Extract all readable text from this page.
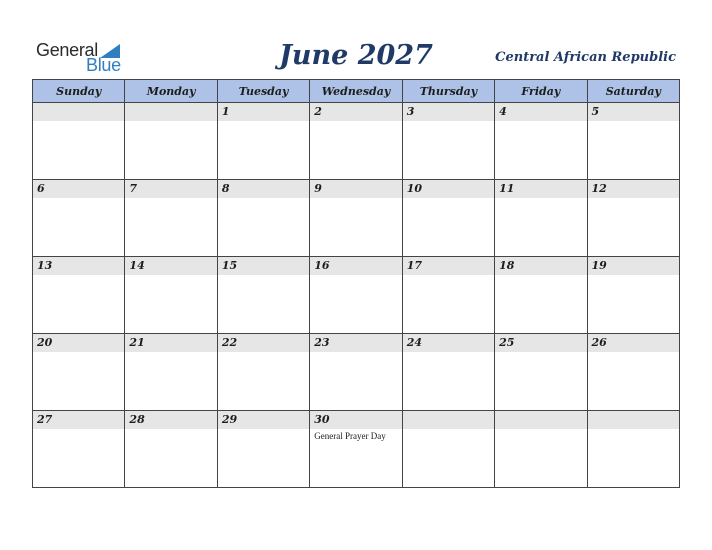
General
Blue	June 2027	Central African Republic
Sunday	Monday	Tuesday	Wednesday	Thursday	Friday	Saturday

		1	2	3	4	5

6	7	8	9	10	11	12

13	14	15	16	17	18	19

20	21	22	23	24	25	26

27	28	29	30
General Prayer Day			
